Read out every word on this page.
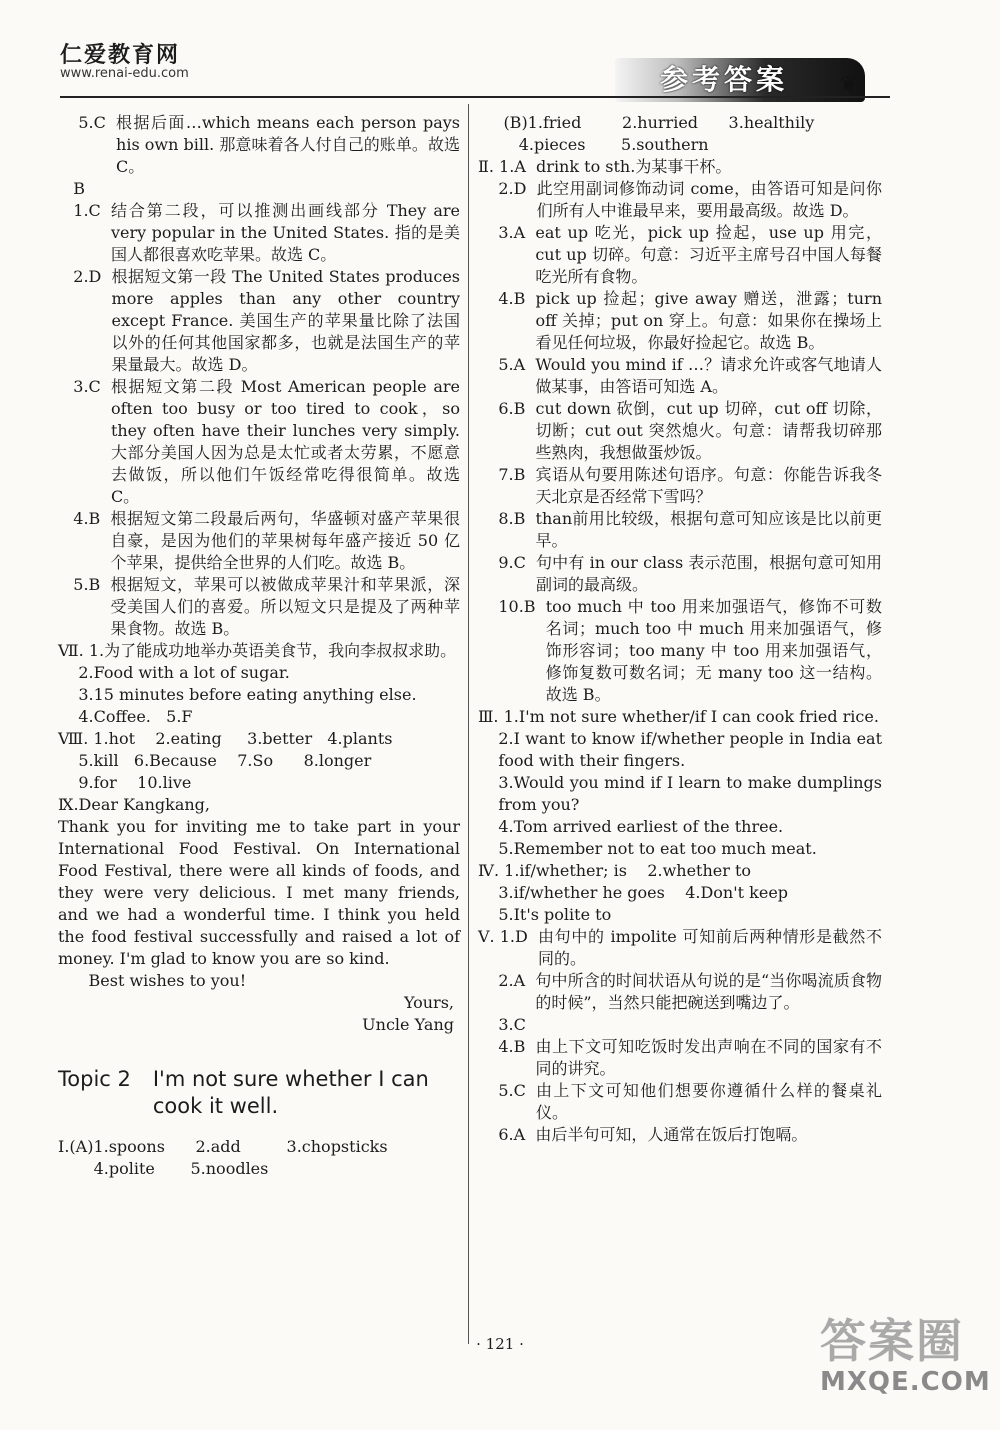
仁爱教育网
www.renai-edu.com	参考答案 ❦
5.C 根据后面…which means each person pays his own bill. 那意味着各人付自己的账单。故选 C。
B
1.C 结合第二段，可以推测出画线部分 They are very popular in the United States. 指的是美国人都很喜欢吃苹果。故选 C。
2.D 根据短文第一段 The United States produces more apples than any other country except France. 美国生产的苹果量比除了法国以外的任何其他国家都多，也就是法国生产的苹果量最大。故选 D。
3.C 根据短文第二段 Most American people are often too busy or too tired to cook，so they often have their lunches very simply. 大部分美国人因为总是太忙或者太劳累，不愿意去做饭，所以他们午饭经常吃得很简单。故选 C。
4.B 根据短文第二段最后两句，华盛顿对盛产苹果很自豪，是因为他们的苹果树每年盛产接近 50 亿个苹果，提供给全世界的人们吃。故选 B。
5.B 根据短文，苹果可以被做成苹果汁和苹果派，深受美国人们的喜爱。所以短文只是提及了两种苹果食物。故选 B。
Ⅶ. 1.为了能成功地举办英语美食节，我向李叔叔求助。
2.Food with a lot of sugar.
3.15 minutes before eating anything else.
4.Coffee.   5.F
Ⅷ. 1.hot    2.eating     3.better   4.plants
5.kill   6.Because    7.So      8.longer
9.for    10.live
Ⅸ.Dear Kangkang,

Thank you for inviting me to take part in your International Food Festival. On International Food Festival, there were all kinds of foods, and they were very delicious. I met many friends, and we had a wonderful time. I think you held the food festival successfully and raised a lot of money. I'm glad to know you are so kind.

Best wishes to you!
Yours,
Uncle Yang
Topic 2 I'm not sure whether I can cook it well.
Ⅰ.(A)1.spoons      2.add         3.chopsticks
4.polite       5.noodles
(B)1.fried        2.hurried      3.healthily
4.pieces       5.southern
Ⅱ. 1.A drink to sth.为某事干杯。
2.D 此空用副词修饰动词 come，由答语可知是问你们所有人中谁最早来，要用最高级。故选 D。
3.A eat up 吃光，pick up 捡起，use up 用完，cut up 切碎。句意：习近平主席号召中国人每餐吃光所有食物。
4.B pick up 捡起；give away 赠送，泄露；turn off 关掉；put on 穿上。句意：如果你在操场上看见任何垃圾，你最好捡起它。故选 B。
5.A Would you mind if …？请求允许或客气地请人做某事，由答语可知选 A。
6.B cut down 砍倒，cut up 切碎，cut off 切除，切断；cut out 突然熄火。句意：请帮我切碎那些熟肉，我想做蛋炒饭。
7.B 宾语从句要用陈述句语序。句意：你能告诉我冬天北京是否经常下雪吗？
8.B than前用比较级，根据句意可知应该是比以前更早。
9.C 句中有 in our class 表示范围，根据句意可知用副词的最高级。
10.B too much 中 too 用来加强语气，修饰不可数名词；much too 中 much 用来加强语气，修饰形容词；too many 中 too 用来加强语气，修饰复数可数名词；无 many too 这一结构。故选 B。
Ⅲ. 1.I'm not sure whether/if I can cook fried rice.

2.I want to know if/whether people in India eat food with their fingers.

3.Would you mind if I learn to make dumplings from you?
4.Tom arrived earliest of the three.
5.Remember not to eat too much meat.
Ⅳ. 1.if/whether; is    2.whether to
3.if/whether he goes    4.Don't keep
5.It's polite to
Ⅴ. 1.D 由句中的 impolite 可知前后两种情形是截然不同的。
2.A 句中所含的时间状语从句说的是“当你喝流质食物的时候”，当然只能把碗送到嘴边了。
3.C
4.B 由上下文可知吃饭时发出声响在不同的国家有不同的讲究。
5.C 由上下文可知他们想要你遵循什么样的餐桌礼仪。
6.A 由后半句可知，人通常在饭后打饱嗝。
· 121 ·	答案圈
MXQE.COM
